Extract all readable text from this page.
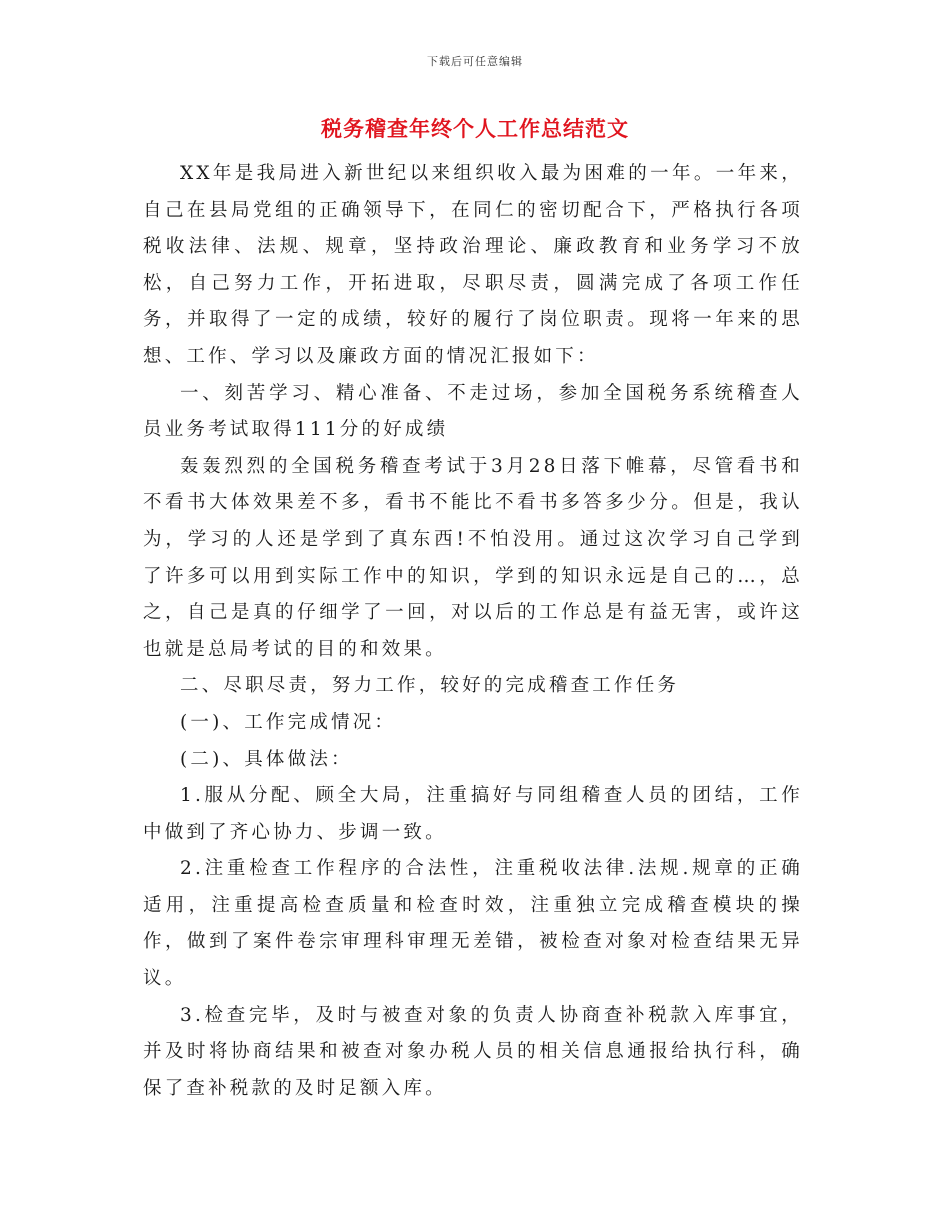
下载后可任意编辑
税务稽查年终个人工作总结范文

XX年是我局进入新世纪以来组织收入最为困难的一年。一年来，自己在县局党组的正确领导下，在同仁的密切配合下，严格执行各项税收法律、法规、规章，坚持政治理论、廉政教育和业务学习不放松，自己努力工作，开拓进取，尽职尽责，圆满完成了各项工作任务，并取得了一定的成绩，较好的履行了岗位职责。现将一年来的思想、工作、学习以及廉政方面的情况汇报如下：

一、刻苦学习、精心准备、不走过场，参加全国税务系统稽查人员业务考试取得111分的好成绩

轰轰烈烈的全国税务稽查考试于3月28日落下帷幕，尽管看书和不看书大体效果差不多，看书不能比不看书多答多少分。但是，我认为，学习的人还是学到了真东西!不怕没用。通过这次学习自己学到了许多可以用到实际工作中的知识，学到的知识永远是自己的…，总之，自己是真的仔细学了一回，对以后的工作总是有益无害，或许这也就是总局考试的目的和效果。

二、尽职尽责，努力工作，较好的完成稽查工作任务

(一)、工作完成情况：

(二)、具体做法：

1.服从分配、顾全大局，注重搞好与同组稽查人员的团结，工作中做到了齐心协力、步调一致。

2.注重检查工作程序的合法性，注重税收法律.法规.规章的正确适用，注重提高检查质量和检查时效，注重独立完成稽查模块的操作，做到了案件卷宗审理科审理无差错，被检查对象对检查结果无异议。

3.检查完毕，及时与被查对象的负责人协商查补税款入库事宜，并及时将协商结果和被查对象办税人员的相关信息通报给执行科，确保了查补税款的及时足额入库。
